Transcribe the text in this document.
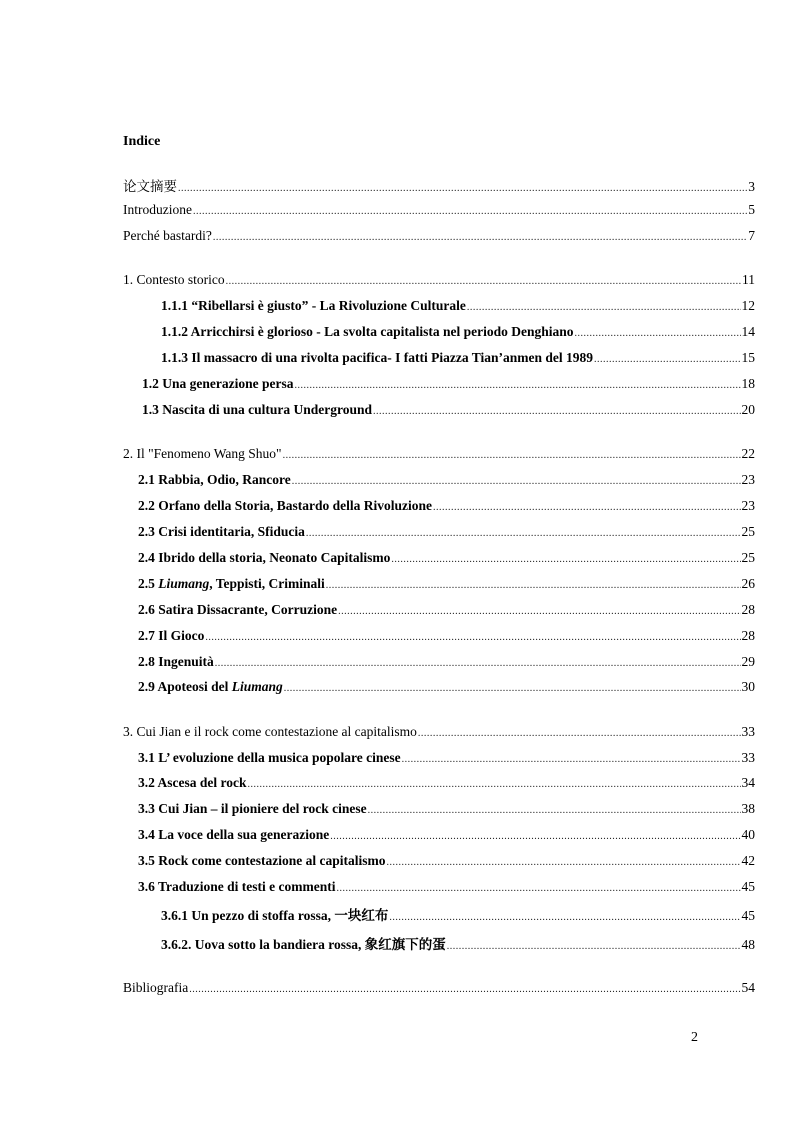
Indice
论文摘要 .....	3
Introduzione .....	5
Perché bastardi? .....	7
1. Contesto storico .....	11
1.1.1 “Ribellarsi è giusto” - La Rivoluzione Culturale .....	12
1.1.2 Arricchirsi è glorioso - La svolta capitalista nel periodo Denghiano .....	14
1.1.3 Il massacro di una rivolta pacifica- I fatti Piazza Tian’anmen del 1989 .....	15
1.2 Una generazione persa .....	18
1.3 Nascita di una cultura Underground .....	20
2. Il "Fenomeno Wang Shuo" .....	22
2.1 Rabbia, Odio, Rancore .....	23
2.2 Orfano della Storia, Bastardo della Rivoluzione .....	23
2.3 Crisi identitaria, Sfiducia .....	25
2.4 Ibrido della storia, Neonato Capitalismo .....	25
2.5 Liumang, Teppisti, Criminali .....	26
2.6 Satira Dissacrante, Corruzione .....	28
2.7 Il Gioco .....	28
2.8 Ingenuità .....	29
2.9 Apoteosi del Liumang .....	30
3. Cui Jian e il rock come contestazione al capitalismo .....	33
3.1 L’ evoluzione della musica popolare cinese .....	33
3.2 Ascesa del rock .....	34
3.3 Cui Jian – il pioniere del rock cinese .....	38
3.4 La voce della sua generazione .....	40
3.5 Rock come contestazione al capitalismo .....	42
3.6 Traduzione di testi e commenti .....	45
3.6.1 Un pezzo di stoffa rossa, 一块红布 .....	45
3.6.2. Uova sotto la bandiera rossa, 象红旗下的蛋 .....	48
Bibliografia .....	54
2
